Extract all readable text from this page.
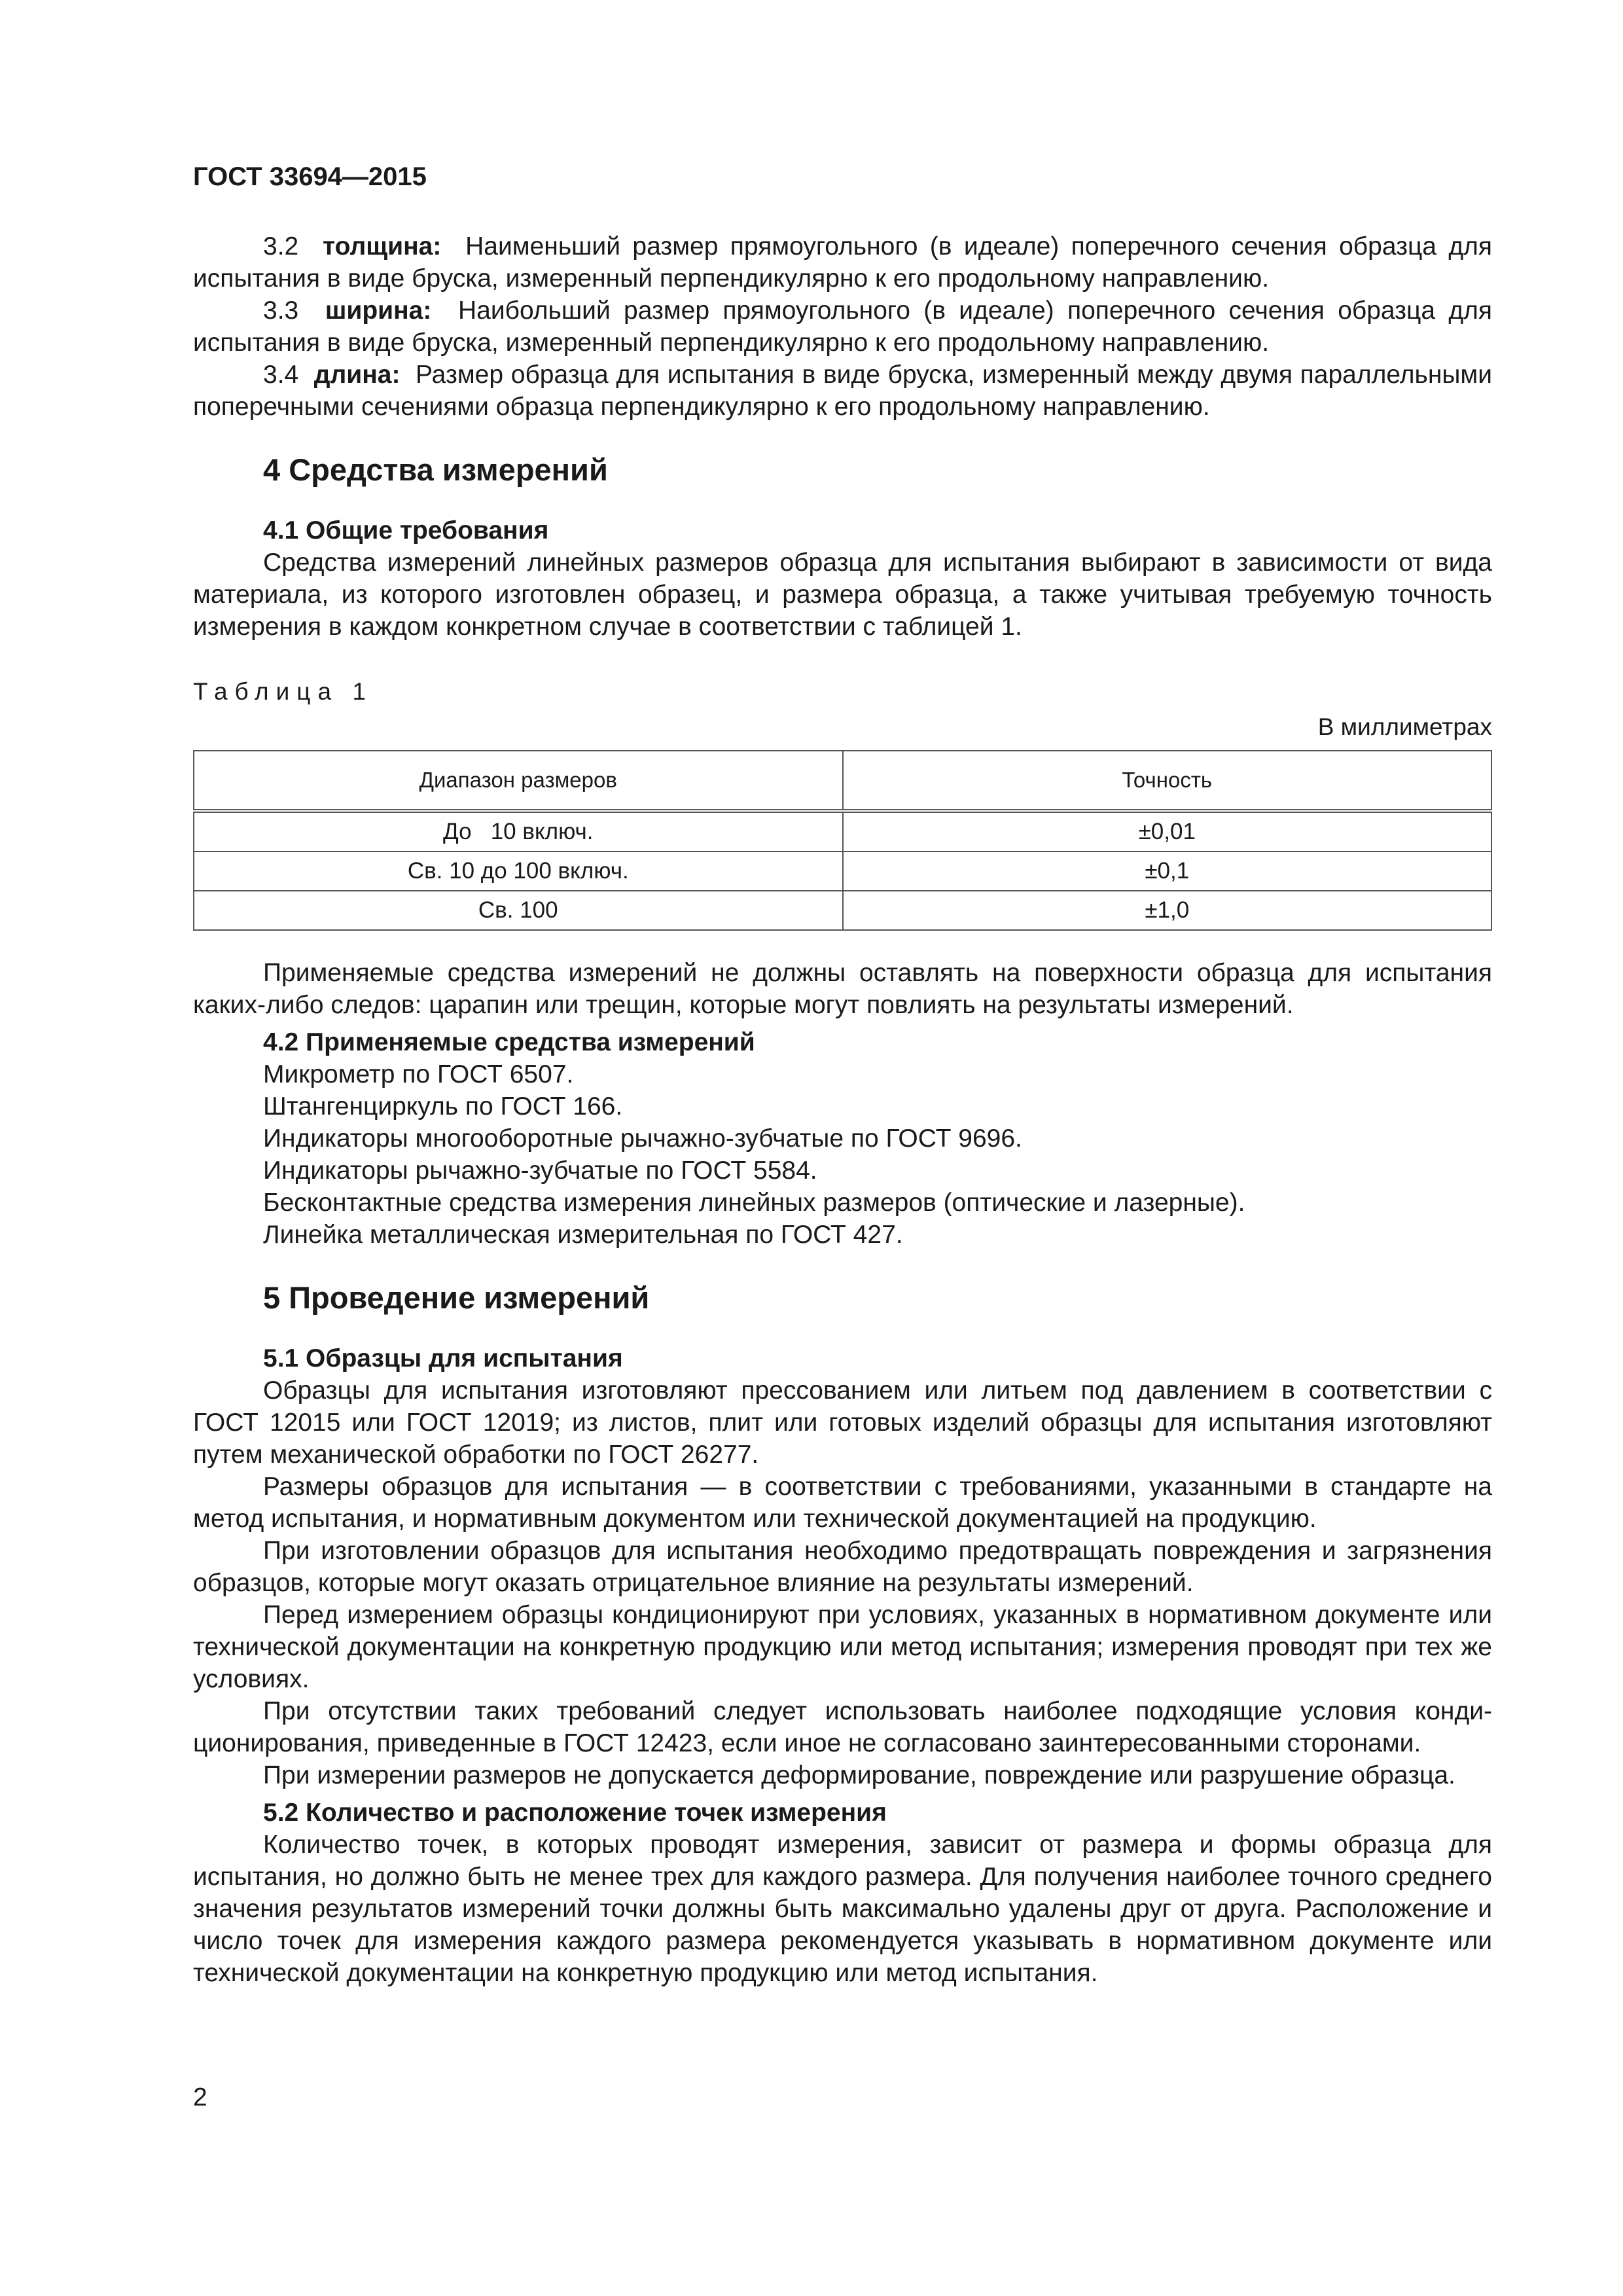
ГОСТ 33694—2015

3.2 толщина: Наименьший размер прямоугольного (в идеале) поперечного сечения образца для испытания в виде бруска, измеренный перпендикулярно к его продольному направлению.

3.3 ширина: Наибольший размер прямоугольного (в идеале) поперечного сечения образца для испытания в виде бруска, измеренный перпендикулярно к его продольному направлению.

3.4 длина: Размер образца для испытания в виде бруска, измеренный между двумя параллельными поперечными сечениями образца перпендикулярно к его продольному направлению.

4 Средства измерений
4.1 Общие требования

Средства измерений линейных размеров образца для испытания выбирают в зависимости от вида материала, из которого изготовлен образец, и размера образца, а также учитывая требуемую точность измерения в каждом конкретном случае в соответствии с таблицей 1.

Таблица 1
В миллиметрах
Диапазон размеров	Точность
До   10 включ.	±0,01
Св. 10 до 100 включ.	±0,1
Св. 100	±1,0

Применяемые средства измерений не должны оставлять на поверхности образца для испытания каких-либо следов: царапин или трещин, которые могут повлиять на результаты измерений.

4.2 Применяемые средства измерений
Микрометр по ГОСТ 6507.
Штангенциркуль по ГОСТ 166.
Индикаторы многооборотные рычажно-зубчатые по ГОСТ 9696.
Индикаторы рычажно-зубчатые по ГОСТ 5584.
Бесконтактные средства измерения линейных размеров (оптические и лазерные).
Линейка металлическая измерительная по ГОСТ 427.
5 Проведение измерений
5.1 Образцы для испытания

Образцы для испытания изготовляют прессованием или литьем под давлением в соответствии с ГОСТ 12015 или ГОСТ 12019; из листов, плит или готовых изделий образцы для испытания изготовляют путем механической обработки по ГОСТ 26277.

Размеры образцов для испытания — в соответствии с требованиями, указанными в стандарте на метод испытания, и нормативным документом или технической документацией на продукцию.

При изготовлении образцов для испытания необходимо предотвращать повреждения и загрязнения образцов, которые могут оказать отрицательное влияние на результаты измерений.

Перед измерением образцы кондиционируют при условиях, указанных в нормативном документе или технической документации на конкретную продукцию или метод испытания; измерения проводят при тех же условиях.

При отсутствии таких требований следует использовать наиболее подходящие условия кондиционирования, приведенные в ГОСТ 12423, если иное не согласовано заинтересованными сторонами.

При измерении размеров не допускается деформирование, повреждение или разрушение образца.

5.2 Количество и расположение точек измерения

Количество точек, в которых проводят измерения, зависит от размера и формы образца для испытания, но должно быть не менее трех для каждого размера. Для получения наиболее точного среднего значения результатов измерений точки должны быть максимально удалены друг от друга. Расположение и число точек для измерения каждого размера рекомендуется указывать в нормативном документе или технической документации на конкретную продукцию или метод испытания.

2
